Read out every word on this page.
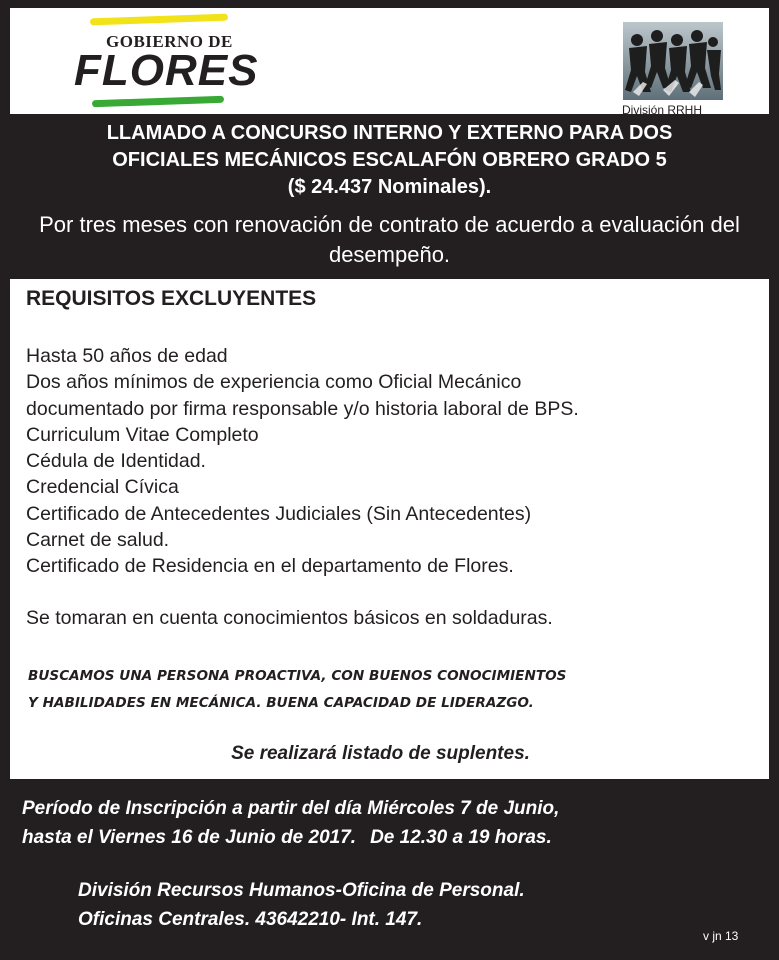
GOBIERNO DE
FLORES
División RRHH
LLAMADO A CONCURSO INTERNO Y EXTERNO PARA DOS
OFICIALES MECÁNICOS ESCALAFÓN OBRERO GRADO 5
($ 24.437 Nominales).
Por tres meses con renovación de contrato de acuerdo a evaluación del
desempeño.
REQUISITOS EXCLUYENTES
Hasta 50 años de edad
Dos años mínimos de experiencia como Oficial Mecánico
documentado por firma responsable y/o historia laboral de BPS.
Curriculum Vitae Completo
Cédula de Identidad.
Credencial Cívica
Certificado de Antecedentes Judiciales (Sin Antecedentes)
Carnet de salud.
Certificado de Residencia en el departamento de Flores.
Se tomaran en cuenta conocimientos básicos en soldaduras.
BUSCAMOS UNA PERSONA PROACTIVA, CON BUENOS CONOCIMIENTOS
Y HABILIDADES EN MECÁNICA. BUENA CAPACIDAD DE LIDERAZGO.
Se realizará listado de suplentes.
Período de Inscripción a partir del día Miércoles 7 de Junio,
hasta el Viernes 16 de Junio de 2017. De 12.30 a 19 horas.
División Recursos Humanos-Oficina de Personal.
Oficinas Centrales. 43642210- Int. 147.
v jn 13
